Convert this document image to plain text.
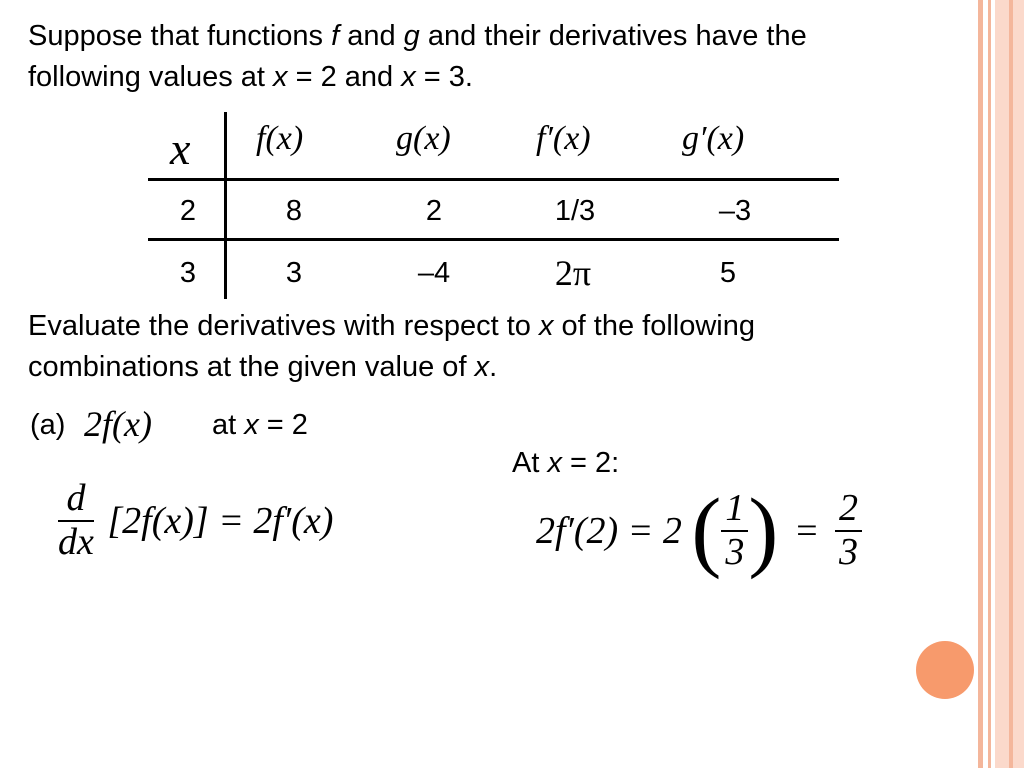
Suppose that functions f and g and their derivatives have the
following values at x = 2 and x = 3.
x f(x)	g(x)	f′(x)	g′(x)
2	8	2	1/3	–3
3	3	–4	2π	5
Evaluate the derivatives with respect to x of the following
combinations at the given value of x.
(a) 2f(x) at x = 2
At x = 2:
$\frac{d}{dx} [2f(x)] = 2f'(x)$	2f′(2) = 2 ( $\frac{1}{3}$ ) = $\frac{2}{3}$
